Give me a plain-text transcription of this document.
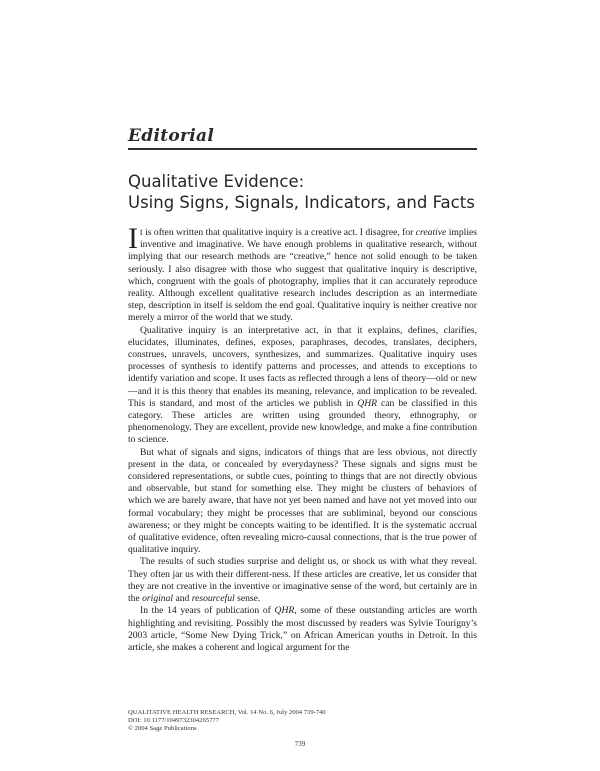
Editorial
Qualitative Evidence:
Using Signs, Signals, Indicators, and Facts

It is often written that qualitative inquiry is a creative act. I disagree, for creative implies inventive and imaginative. We have enough problems in qualitative research, without implying that our research methods are “creative,” hence not solid enough to be taken seriously. I also disagree with those who suggest that qualitative inquiry is descriptive, which, congruent with the goals of photography, implies that it can accurately reproduce reality. Although excellent qualitative research includes description as an intermediate step, description in itself is seldom the end goal. Qualitative inquiry is neither creative nor merely a mirror of the world that we study.

Qualitative inquiry is an interpretative act, in that it explains, defines, clarifies, elucidates, illuminates, defines, exposes, paraphrases, decodes, translates, deciphers, construes, unravels, uncovers, synthesizes, and summarizes. Qualitative inquiry uses processes of synthesis to identify patterns and processes, and attends to exceptions to identify variation and scope. It uses facts as reflected through a lens of theory—old or new—and it is this theory that enables its meaning, relevance, and implication to be revealed. This is standard, and most of the articles we publish in QHR can be classified in this category. These articles are written using grounded theory, ethnography, or phenomenology. They are excellent, provide new knowledge, and make a fine contribution to science.

But what of signals and signs, indicators of things that are less obvious, not directly present in the data, or concealed by everydayness? These signals and signs must be considered representations, or subtle cues, pointing to things that are not directly obvious and observable, but stand for something else. They might be clusters of behaviors of which we are barely aware, that have not yet been named and have not yet moved into our formal vocabulary; they might be processes that are subliminal, beyond our conscious awareness; or they might be concepts waiting to be identified. It is the systematic accrual of qualitative evidence, often revealing micro-causal connections, that is the true power of qualitative inquiry.

The results of such studies surprise and delight us, or shock us with what they reveal. They often jar us with their different-ness. If these articles are creative, let us consider that they are not creative in the inventive or imaginative sense of the word, but certainly are in the original and resourceful sense.

In the 14 years of publication of QHR, some of these outstanding articles are worth highlighting and revisiting. Possibly the most discussed by readers was Sylvie Tourigny’s 2003 article, “Some New Dying Trick,” on African American youths in Detroit. In this article, she makes a coherent and logical argument for the

QUALITATIVE HEALTH RESEARCH, Vol. 14 No. 6, July 2004 739-740
DOI: 10.1177/1049732304265777
© 2004 Sage Publications
739
